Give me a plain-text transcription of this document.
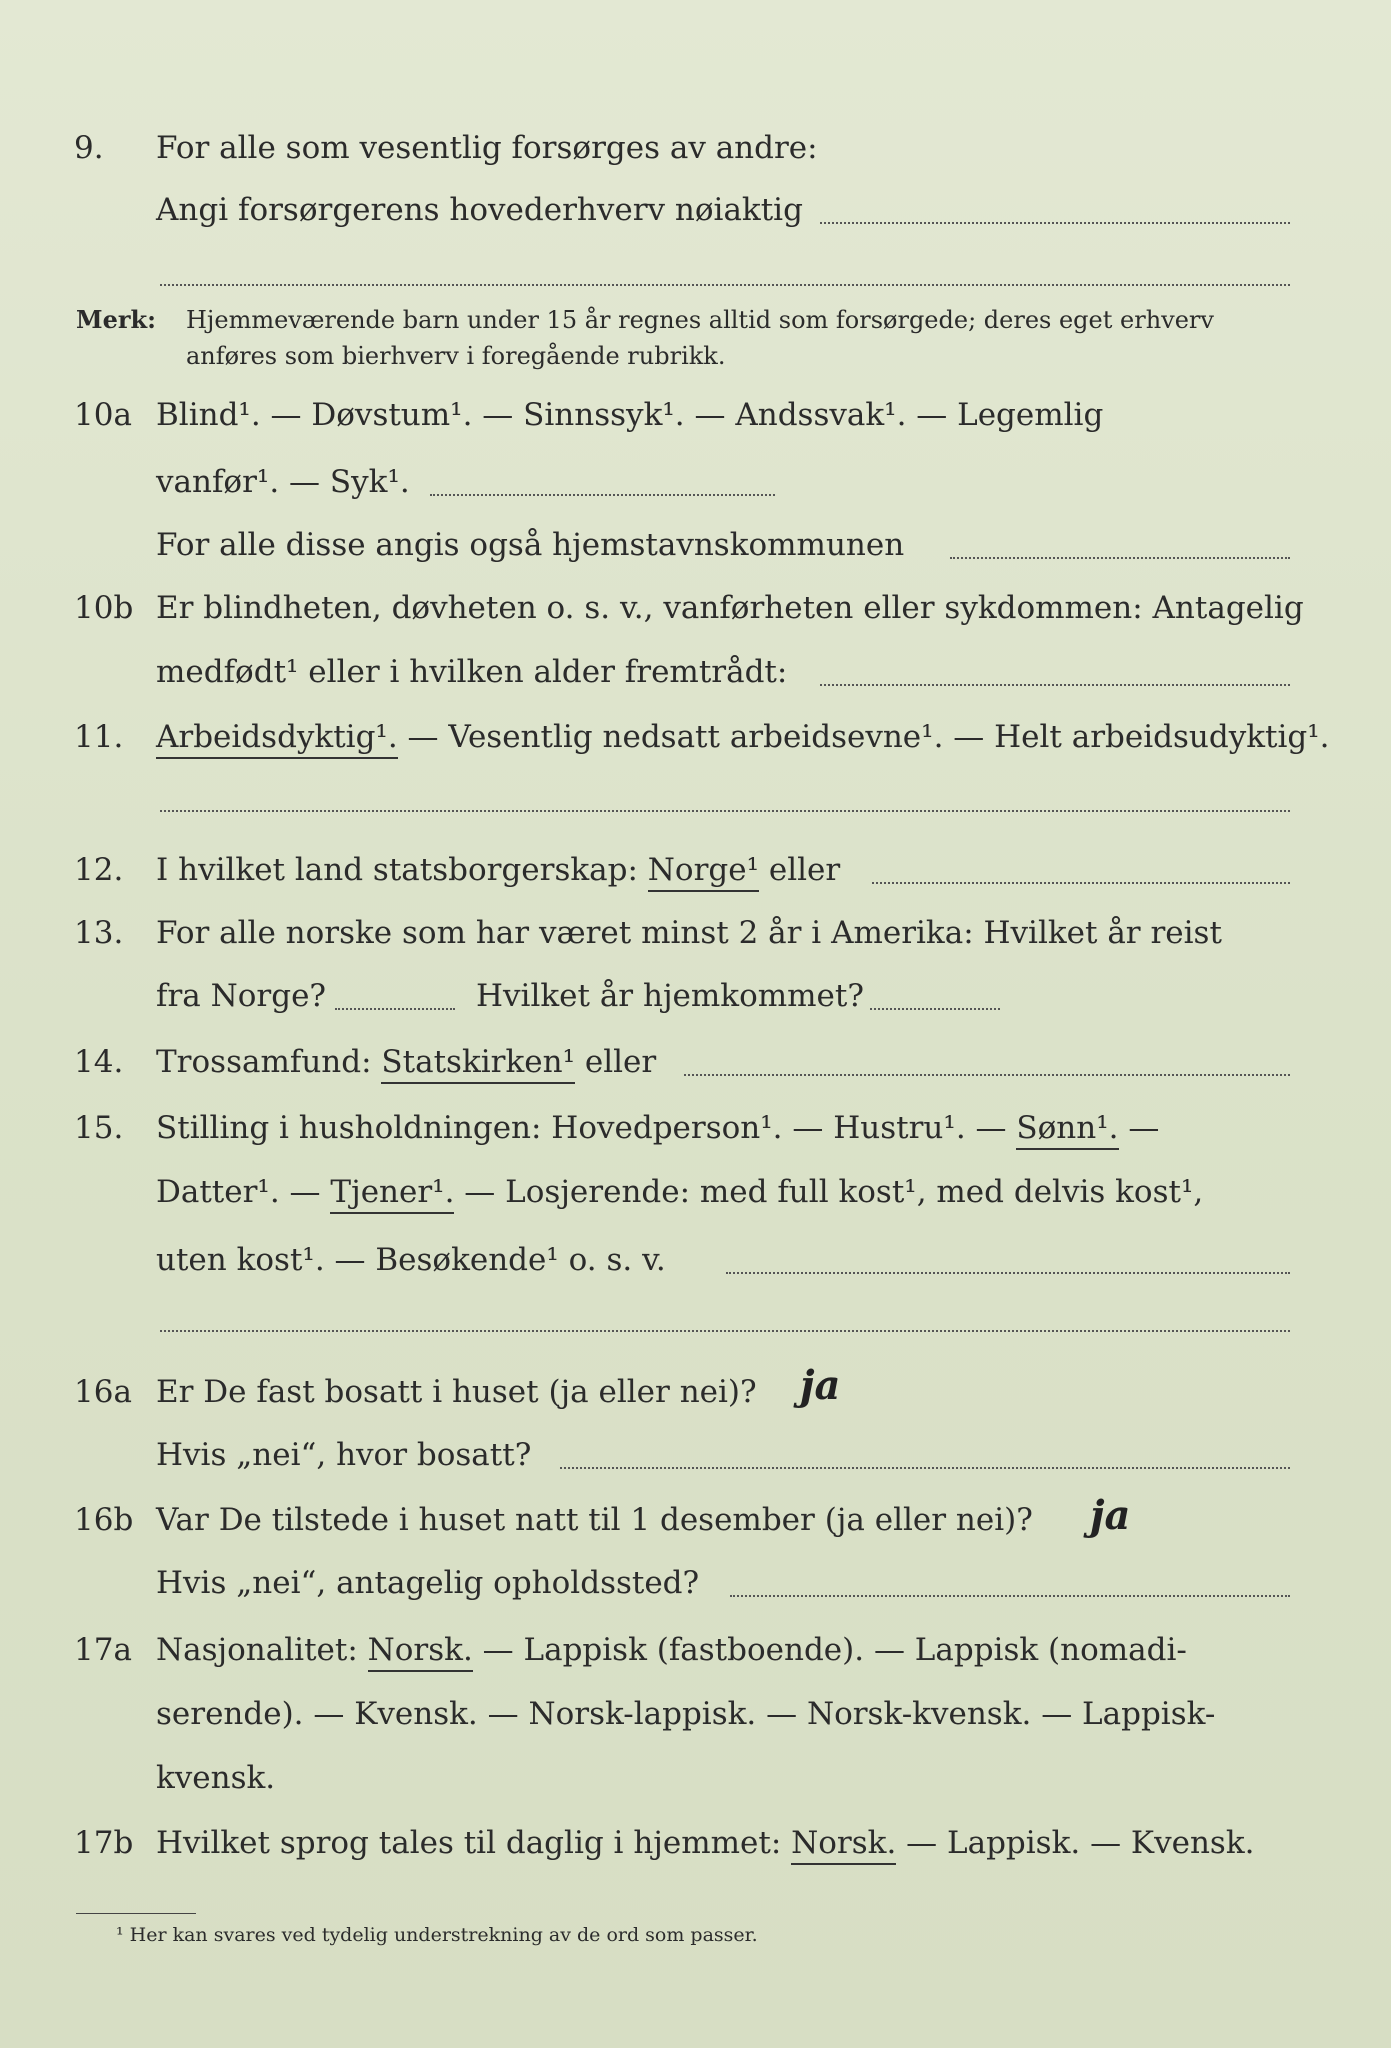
9. For alle som vesentlig forsørges av andre:
Angi forsørgerens hovederhverv nøiaktig
Merk: Hjemmeværende barn under 15 år regnes alltid som forsørgede; deres eget erhverv
anføres som bierhverv i foregående rubrikk.
10a Blind¹. — Døvstum¹. — Sinnssyk¹. — Andssvak¹. — Legemlig
vanfør¹. — Syk¹.
For alle disse angis også hjemstavnskommunen
10b Er blindheten, døvheten o. s. v., vanførheten eller sykdommen: Antagelig
medfødt¹ eller i hvilken alder fremtrådt:
11. Arbeidsdyktig¹. — Vesentlig nedsatt arbeidsevne¹. — Helt arbeidsudyktig¹.
12. I hvilket land statsborgerskap: Norge¹ eller
13. For alle norske som har været minst 2 år i Amerika: Hvilket år reist
fra Norge?	Hvilket år hjemkommet?
14. Trossamfund: Statskirken¹ eller
15. Stilling i husholdningen: Hovedperson¹. — Hustru¹. — Sønn¹. —
Datter¹. — Tjener¹. — Losjerende: med full kost¹, med delvis kost¹,
uten kost¹. — Besøkende¹ o. s. v.
16a Er De fast bosatt i huset (ja eller nei)? ja
Hvis „nei“, hvor bosatt?
16b Var De tilstede i huset natt til 1 desember (ja eller nei)? ja
Hvis „nei“, antagelig opholdssted?
17a Nasjonalitet: Norsk. — Lappisk (fastboende). — Lappisk (nomadi-
serende). — Kvensk. — Norsk-lappisk. — Norsk-kvensk. — Lappisk-
kvensk.
17b Hvilket sprog tales til daglig i hjemmet: Norsk. — Lappisk. — Kvensk.
¹ Her kan svares ved tydelig understrekning av de ord som passer.
